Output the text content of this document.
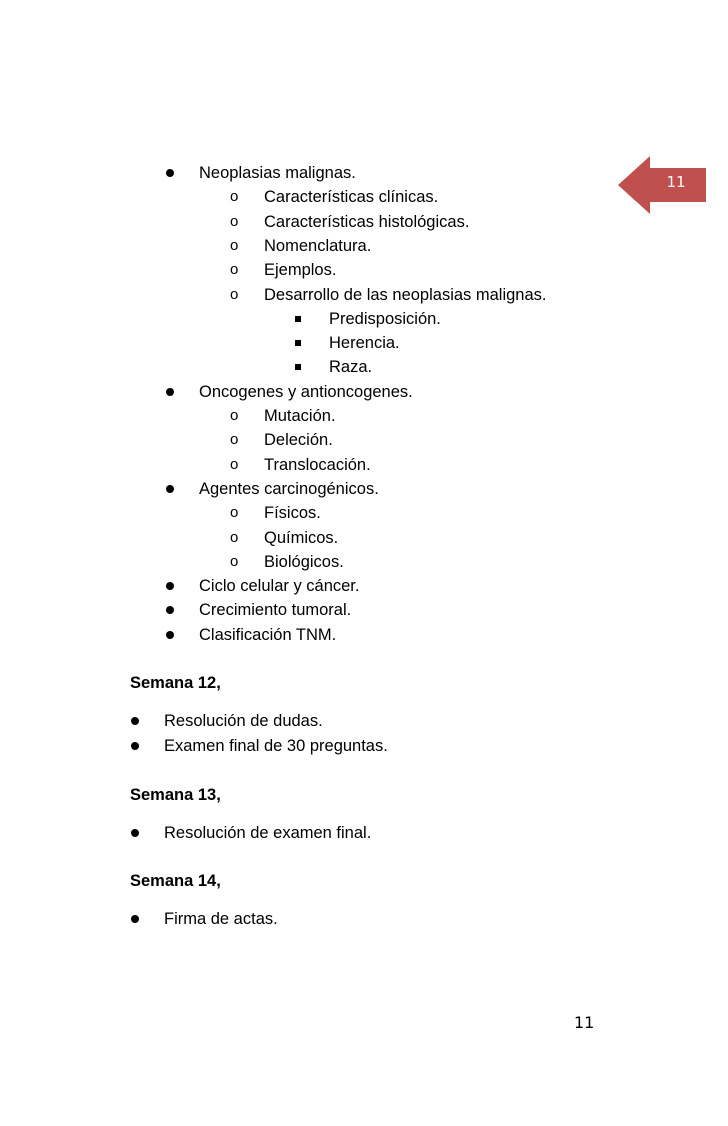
11
Neoplasias malignas.
o Características clínicas.
o Características histológicas.
o Nomenclatura.
o Ejemplos.
o Desarrollo de las neoplasias malignas.
Predisposición.
Herencia.
Raza.
Oncogenes y antioncogenes.
o Mutación.
o Deleción.
o Translocación.
Agentes carcinogénicos.
o Físicos.
o Químicos.
o Biológicos.
Ciclo celular y cáncer.
Crecimiento tumoral.
Clasificación TNM.
Semana 12,
Resolución de dudas.
Examen final de 30 preguntas.
Semana 13,
Resolución de examen final.
Semana 14,
Firma de actas.
11
